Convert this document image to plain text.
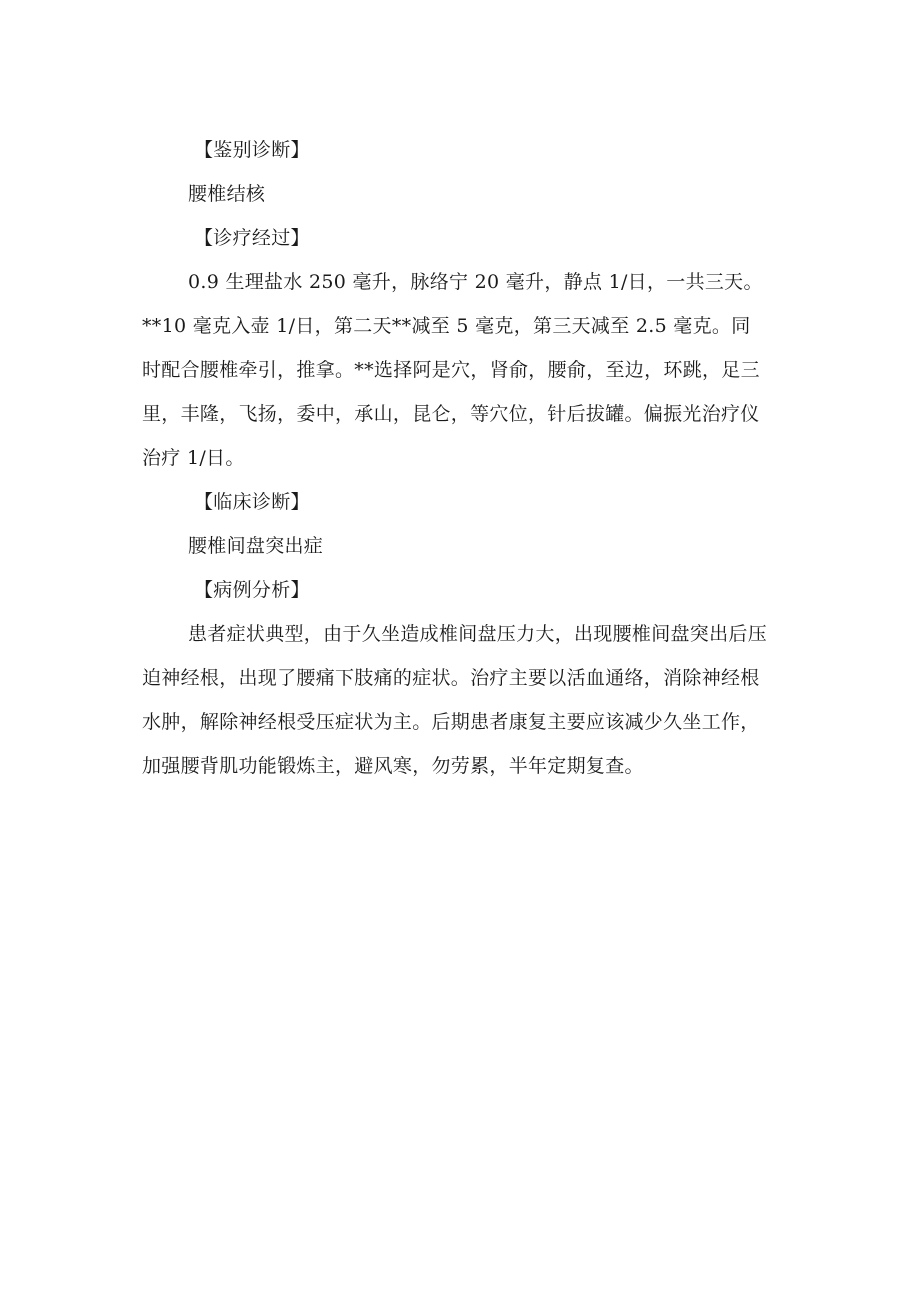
【鉴别诊断】
腰椎结核
【诊疗经过】
0.9 生理盐水 250 毫升，脉络宁 20 毫升，静点 1/日，一共三天。
**10 毫克入壶 1/日，第二天**减至 5 毫克，第三天减至 2.5 毫克。同
时配合腰椎牵引，推拿。**选择阿是穴，肾俞，腰俞，至边，环跳，足三
里，丰隆，飞扬，委中，承山，昆仑，等穴位，针后拔罐。偏振光治疗仪
治疗 1/日。
【临床诊断】
腰椎间盘突出症
【病例分析】
患者症状典型，由于久坐造成椎间盘压力大，出现腰椎间盘突出后压
迫神经根，出现了腰痛下肢痛的症状。治疗主要以活血通络，消除神经根
水肿，解除神经根受压症状为主。后期患者康复主要应该减少久坐工作，
加强腰背肌功能锻炼主，避风寒，勿劳累，半年定期复查。
